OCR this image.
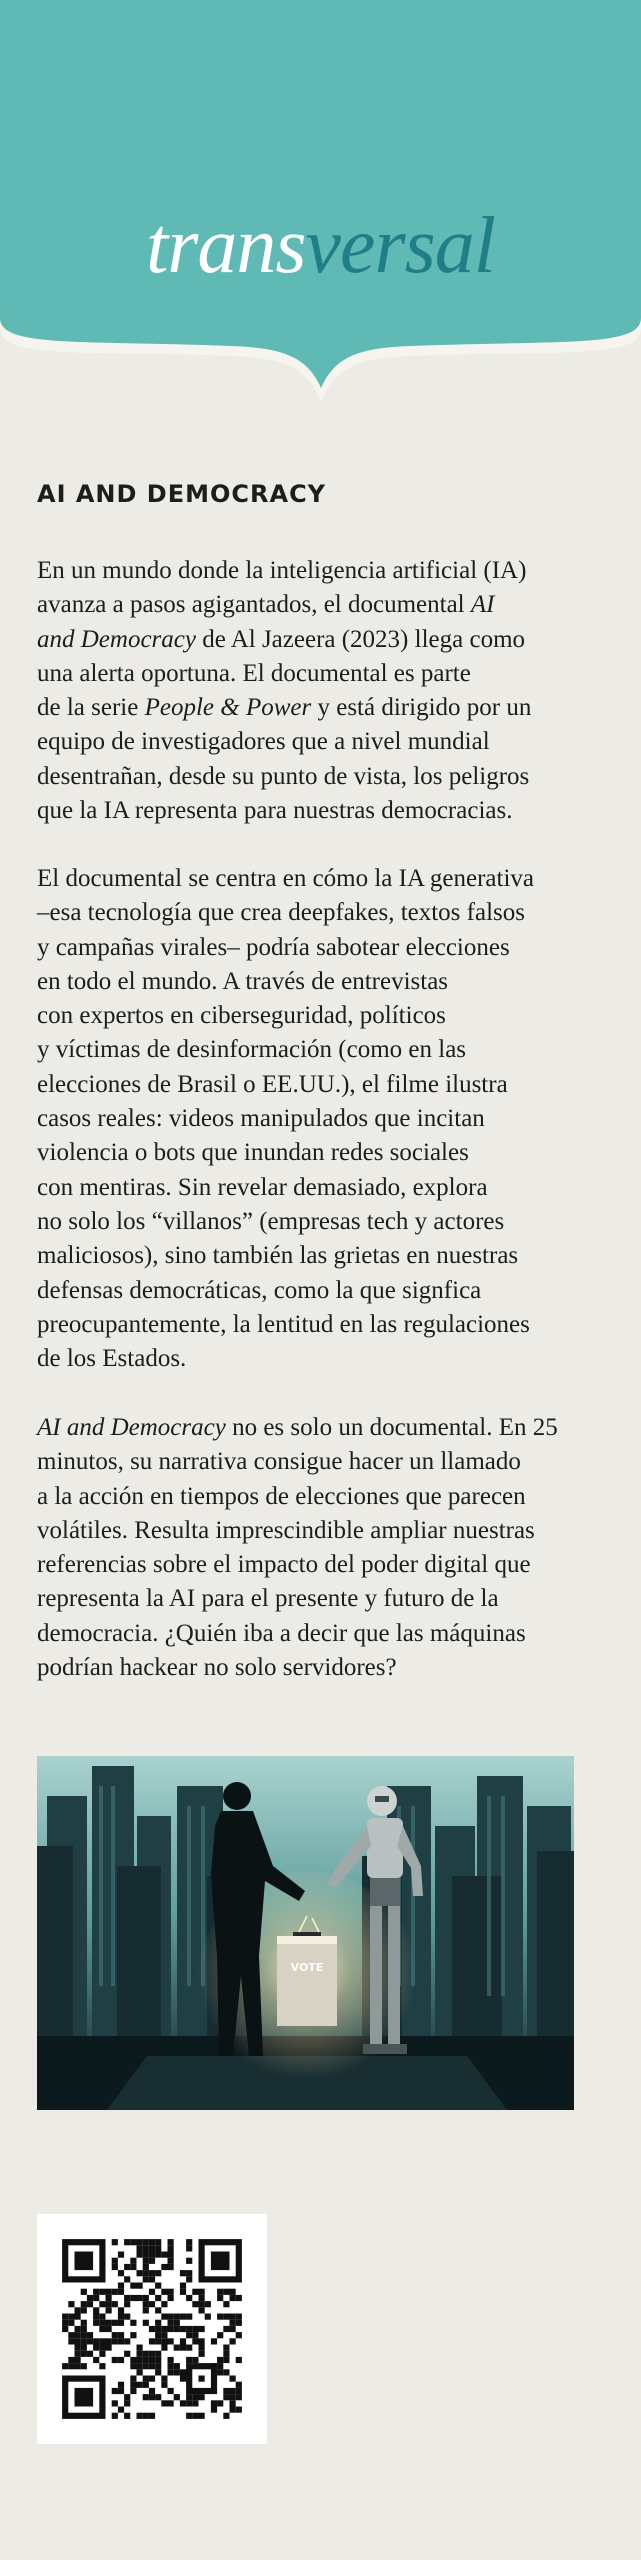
transversal
AI AND DEMOCRACY
En un mundo donde la inteligencia artificial (IA)
avanza a pasos agigantados, el documental AI
and Democracy de Al Jazeera (2023) llega como
una alerta oportuna. El documental es parte
de la serie People & Power y está dirigido por un
equipo de investigadores que a nivel mundial
desentrañan, desde su punto de vista, los peligros
que la IA representa para nuestras democracias.
El documental se centra en cómo la IA generativa
–esa tecnología que crea deepfakes, textos falsos
y campañas virales– podría sabotear elecciones
en todo el mundo. A través de entrevistas
con expertos en ciberseguridad, políticos
y víctimas de desinformación (como en las
elecciones de Brasil o EE.UU.), el filme ilustra
casos reales: videos manipulados que incitan
violencia o bots que inundan redes sociales
con mentiras. Sin revelar demasiado, explora
no solo los “villanos” (empresas tech y actores
maliciosos), sino también las grietas en nuestras
defensas democráticas, como la que signfica
preocupantemente, la lentitud en las regulaciones
de los Estados.
AI and Democracy no es solo un documental. En 25
minutos, su narrativa consigue hacer un llamado
a la acción en tiempos de elecciones que parecen
volátiles. Resulta imprescindible ampliar nuestras
referencias sobre el impacto del poder digital que
representa la AI para el presente y futuro de la
democracia. ¿Quién iba a decir que las máquinas
podrían hackear no solo servidores?
VOTE
